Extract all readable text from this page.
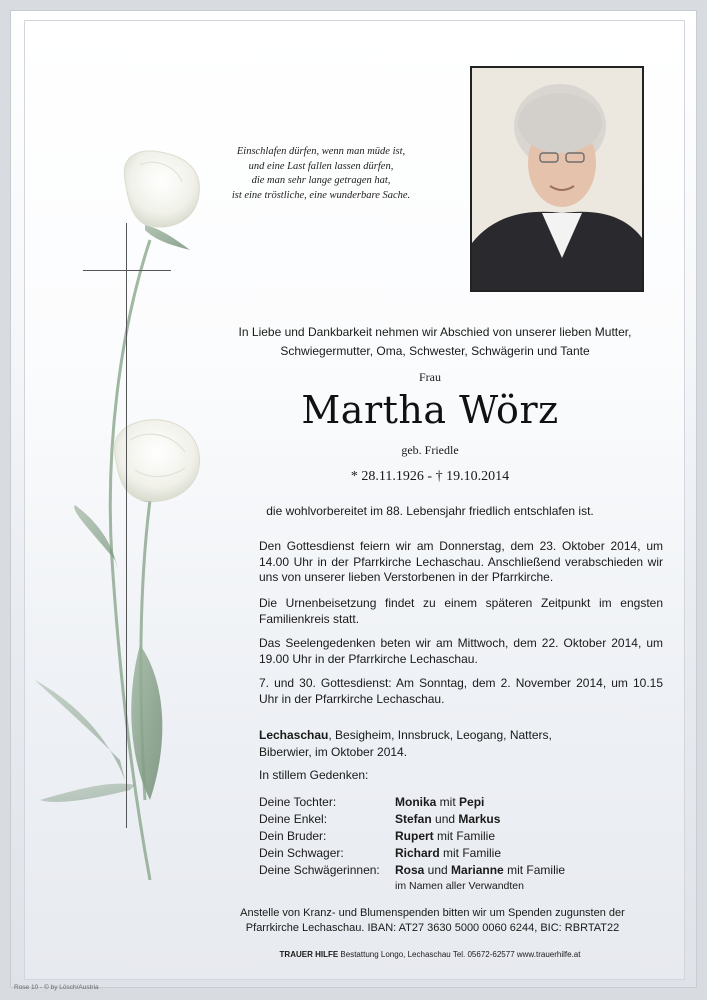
Einschlafen dürfen, wenn man müde ist,
und eine Last fallen lassen dürfen,
die man sehr lange getragen hat,
ist eine tröstliche, eine wunderbare Sache.
In Liebe und Dankbarkeit nehmen wir Abschied von unserer lieben Mutter,
Schwiegermutter, Oma, Schwester, Schwägerin und Tante
Frau
Martha Wörz
geb. Friedle
* 28.11.1926 - † 19.10.2014
die wohlvorbereitet im 88. Lebensjahr friedlich entschlafen ist.
Den Gottesdienst feiern wir am Donnerstag, dem 23. Oktober 2014, um 14.00 Uhr in der Pfarrkirche Lechaschau. Anschließend verabschieden wir uns von unserer lieben Verstorbenen in der Pfarrkirche.
Die Urnenbeisetzung findet zu einem späteren Zeitpunkt im engsten Familienkreis statt.
Das Seelengedenken beten wir am Mittwoch, dem 22. Oktober 2014, um 19.00 Uhr in der Pfarrkirche Lechaschau.
7. und 30. Gottesdienst: Am Sonntag, dem 2. November 2014, um 10.15 Uhr in der Pfarrkirche Lechaschau.
Lechaschau, Besigheim, Innsbruck, Leogang, Natters,
Biberwier, im Oktober 2014.
In stillem Gedenken:
Deine Tochter:	Monika mit Pepi
Deine Enkel:	Stefan und Markus
Dein Bruder:	Rupert mit Familie
Dein Schwager:	Richard mit Familie
Deine Schwägerinnen: Rosa und Marianne mit Familie
im Namen aller Verwandten
Anstelle von Kranz- und Blumenspenden bitten wir um Spenden zugunsten der
Pfarrkirche Lechaschau. IBAN: AT27 3630 5000 0060 6244, BIC: RBRTAT22
TRAUER HILFE Bestattung Longo, Lechaschau Tel. 05672-62577 www.trauerhilfe.at
Rose 10 - © by Lösch/Austria
